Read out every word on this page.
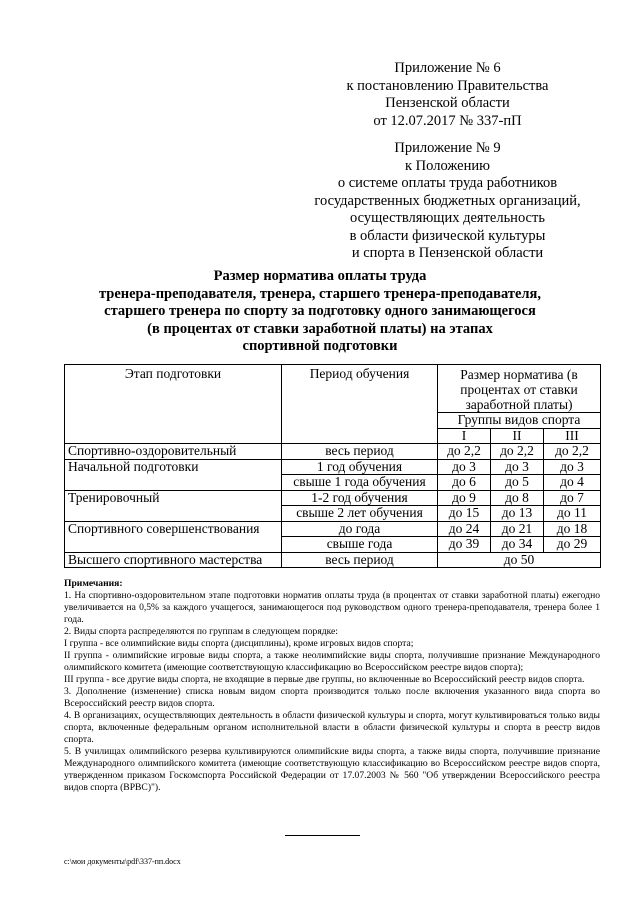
Приложение № 6
к постановлению Правительства
Пензенской области
от 12.07.2017 № 337-пП
Приложение № 9
к Положению
о системе оплаты труда работников
государственных бюджетных организаций,
осуществляющих деятельность
в области физической культуры
и спорта в Пензенской области
Размер норматива оплаты труда
тренера-преподавателя, тренера, старшего тренера-преподавателя,
старшего тренера по спорту за подготовку одного занимающегося
(в процентах от ставки заработной платы) на этапах
спортивной подготовки
Этап подготовки	Период обучения	Размер норматива (в процентах от ставки заработной платы)		
		Группы видов спорта		
		I	II	III
Спортивно-оздоровительный	весь период	до 2,2	до 2,2	до 2,2
Начальной подготовки	1 год обучения	до 3	до 3	до 3
	свыше 1 года обучения	до 6	до 5	до 4
Тренировочный	1-2 год обучения	до 9	до 8	до 7
	свыше 2 лет обучения	до 15	до 13	до 11
Спортивного совершенствования	до года	до 24	до 21	до 18
	свыше года	до 39	до 34	до 29
Высшего спортивного мастерства	весь период	до 50		

Примечания:

1. На спортивно-оздоровительном этапе подготовки норматив оплаты труда (в процентах от ставки заработной платы) ежегодно увеличивается на 0,5% за каждого учащегося, занимающегося под руководством одного тренера-преподавателя, тренера более 1 года.

2. Виды спорта распределяются по группам в следующем порядке:

I группа - все олимпийские виды спорта (дисциплины), кроме игровых видов спорта;

II группа - олимпийские игровые виды спорта, а также неолимпийские виды спорта, получившие признание Международного олимпийского комитета (имеющие соответствующую классификацию во Всероссийском реестре видов спорта);

III группа - все другие виды спорта, не входящие в первые две группы, но включенные во Всероссийский реестр видов спорта.

3. Дополнение (изменение) списка новым видом спорта производится только после включения указанного вида спорта во Всероссийский реестр видов спорта.

4. В организациях, осуществляющих деятельность в области физической культуры и спорта, могут культивироваться только виды спорта, включенные федеральным органом исполнительной власти в области физической культуры и спорта в реестр видов спорта.

5. В училищах олимпийского резерва культивируются олимпийские виды спорта, а также виды спорта, получившие признание Международного олимпийского комитета (имеющие соответствующую классификацию во Всероссийском реестре видов спорта, утвержденном приказом Госкомспорта Российской Федерации от 17.07.2003 № 560 "Об утверждении Всероссийского реестра видов спорта (ВРВС)").

c:\мои документы\pdf\337-пп.docx
